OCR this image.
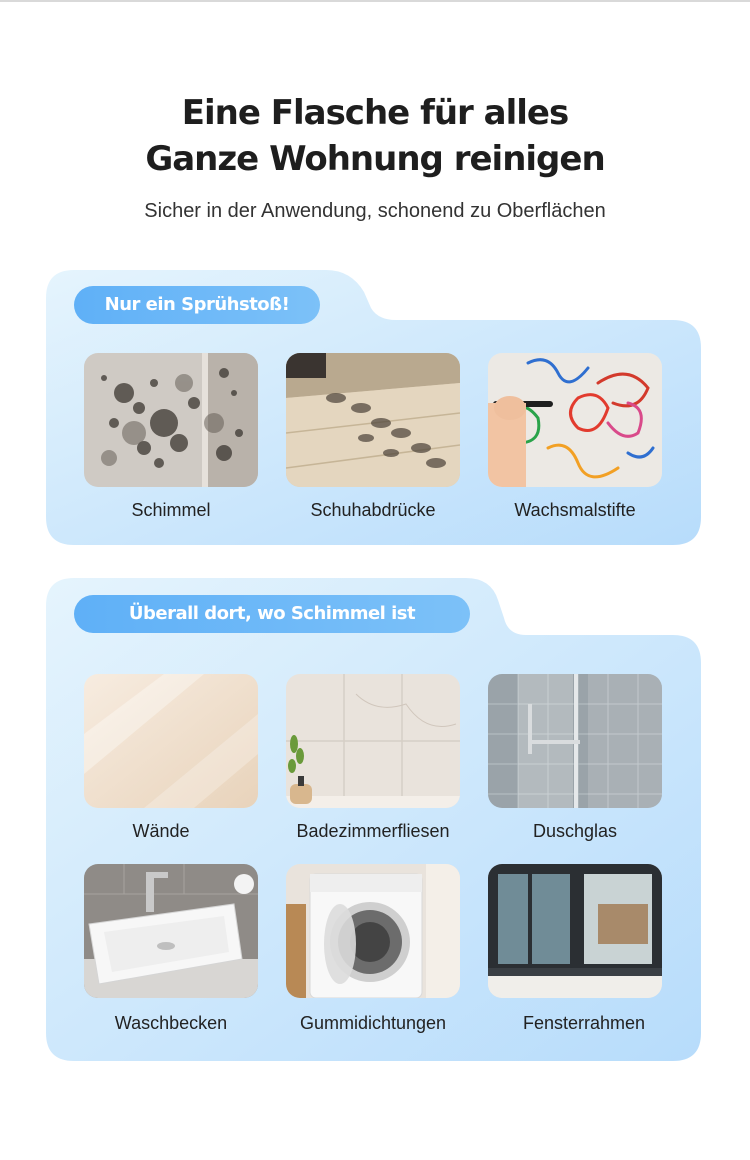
Eine Flasche für alles
Ganze Wohnung reinigen
Sicher in der Anwendung, schonend zu Oberflächen
Nur ein Sprühstoß!
Schimmel	Schuhabdrücke	Wachsmalstifte
Überall dort, wo Schimmel ist
Wände	Badezimmerfliesen	Duschglas
Waschbecken	Gummidichtungen	Fensterrahmen
